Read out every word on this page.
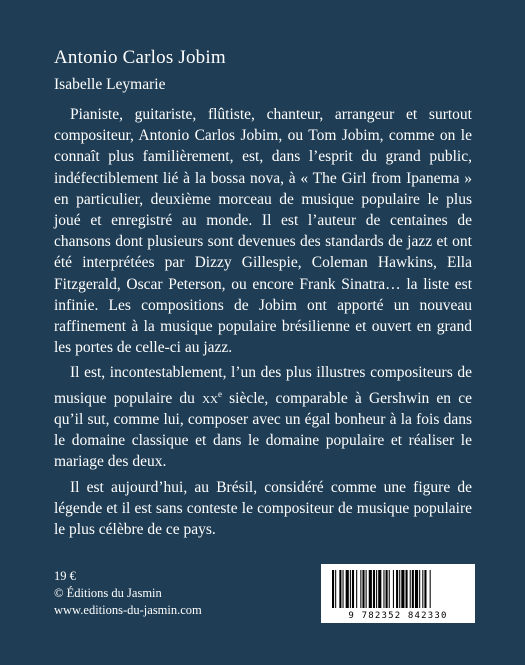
Antonio Carlos Jobim
Isabelle Leymarie

Pianiste, guitariste, flûtiste, chanteur, arrangeur et surtout compositeur, Antonio Carlos Jobim, ou Tom Jobim, comme on le connaît plus familièrement, est, dans l’esprit du grand public, indéfectiblement lié à la bossa nova, à « The Girl from Ipanema » en particulier, deuxième morceau de musique populaire le plus joué et enregistré au monde. Il est l’auteur de centaines de chansons dont plusieurs sont devenues des standards de jazz et ont été interprétées par Dizzy Gillespie, Coleman Hawkins, Ella Fitzgerald, Oscar Peterson, ou encore Frank Sinatra… la liste est infinie. Les compositions de Jobim ont apporté un nouveau raffinement à la musique populaire brésilienne et ouvert en grand les portes de celle-ci au jazz.

Il est, incontestablement, l’un des plus illustres compositeurs de musique populaire du $xx^e$ siècle, comparable à Gershwin en ce qu’il sut, comme lui, composer avec un égal bonheur à la fois dans le domaine classique et dans le domaine populaire et réaliser le mariage des deux.

Il est aujourd’hui, au Brésil, considéré comme une figure de légende et il est sans conteste le compositeur de musique populaire le plus célèbre de ce pays.

19 €
© Éditions du Jasmin
www.editions-du-jasmin.com	9 782352 842330
